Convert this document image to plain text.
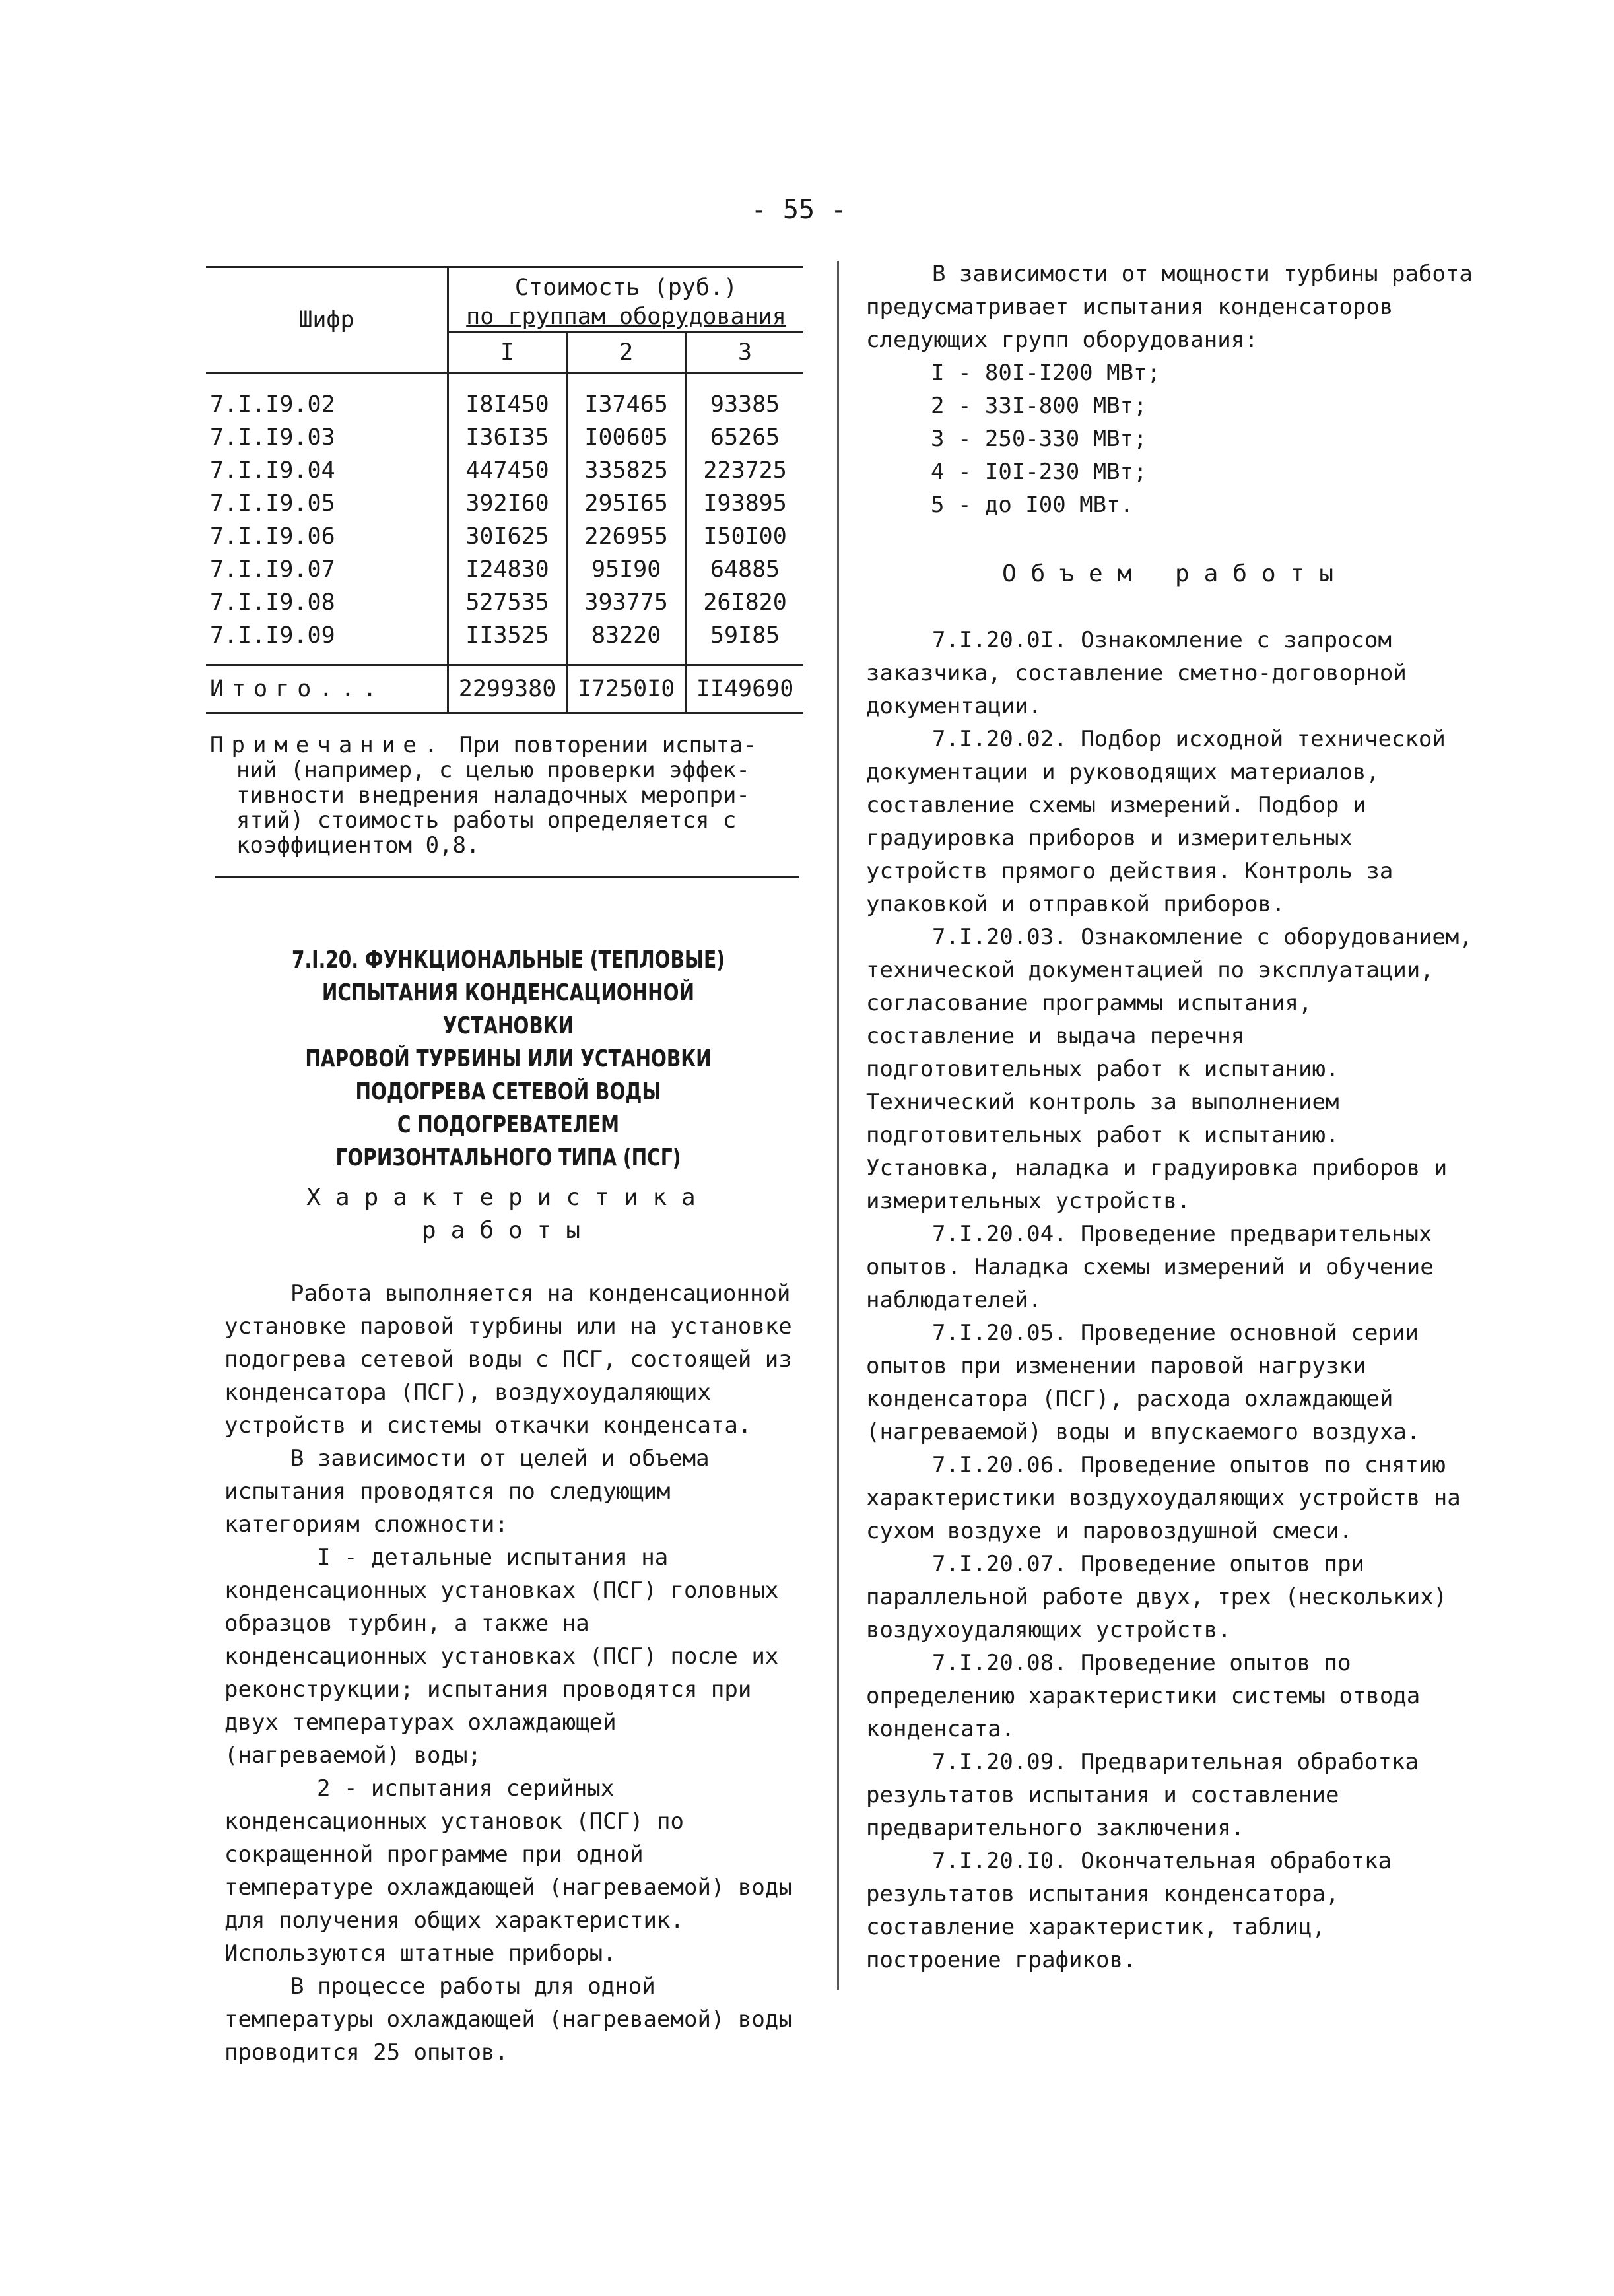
- 55 -
Шифр	Стоимость (руб.)
по группам оборудования		
	I	2	3
7.I.I9.02	I8I450	I37465	93385
7.I.I9.03	I36I35	I00605	65265
7.I.I9.04	447450	335825	223725
7.I.I9.05	392I60	295I65	I93895
7.I.I9.06	30I625	226955	I50I00
7.I.I9.07	I24830	95I90	64885
7.I.I9.08	527535	393775	26I820
7.I.I9.09	II3525	83220	59I85
Итого...	2299380	I7250I0	II49690
Примечание. При повторении испыта-
ний (например, с целью проверки эффек-
тивности внедрения наладочных меропри-
ятий) стоимость работы определяется с
коэффициентом 0,8.
7.I.20. ФУНКЦИОНАЛЬНЫЕ (ТЕПЛОВЫЕ)
ИСПЫТАНИЯ КОНДЕНСАЦИОННОЙ УСТАНОВКИ
ПАРОВОЙ ТУРБИНЫ ИЛИ УСТАНОВКИ
ПОДОГРЕВА СЕТЕВОЙ ВОДЫ
С ПОДОГРЕВАТЕЛЕМ
ГОРИЗОНТАЛЬНОГО ТИПА (ПСГ)
Характеристика
работы

Работа выполняется на конденсационной установке паровой турбины или на установке подогрева сетевой воды с ПСГ, состоящей из конденсатора (ПСГ), воздухоудаляющих устройств и системы откачки конденсата.

В зависимости от целей и объема испытания проводятся по следующим категориям сложности:

I - детальные испытания на конденсационных установках (ПСГ) головных образцов турбин, а также на конденсационных установках (ПСГ) после их реконструкции; испытания проводятся при двух температурах охлаждающей (нагреваемой) воды;

2 - испытания серийных конденсационных установок (ПСГ) по сокращенной программе при одной температуре охлаждающей (нагреваемой) воды для получения общих характеристик. Используются штатные приборы.

В процессе работы для одной температуры охлаждающей (нагреваемой) воды проводится 25 опытов.

В зависимости от мощности турбины работа предусматривает испытания конденсаторов следующих групп оборудования:

I - 80I-I200 МВт;
2 - 33I-800 МВт;
3 - 250-330 МВт;
4 - I0I-230 МВт;
5 - до I00 МВт.
Объем работы

7.I.20.0I. Ознакомление с запросом заказчика, составление сметно-договорной документации.

7.I.20.02. Подбор исходной технической документации и руководящих материалов, составление схемы измерений. Подбор и градуировка приборов и измерительных устройств прямого действия. Контроль за упаковкой и отправкой приборов.

7.I.20.03. Ознакомление с оборудованием, технической документацией по эксплуатации, согласование программы испытания, составление и выдача перечня подготовительных работ к испытанию. Технический контроль за выполнением подготовительных работ к испытанию. Установка, наладка и градуировка приборов и измерительных устройств.

7.I.20.04. Проведение предварительных опытов. Наладка схемы измерений и обучение наблюдателей.

7.I.20.05. Проведение основной серии опытов при изменении паровой нагрузки конденсатора (ПСГ), расхода охлаждающей (нагреваемой) воды и впускаемого воздуха.

7.I.20.06. Проведение опытов по снятию характеристики воздухоудаляющих устройств на сухом воздухе и паровоздушной смеси.

7.I.20.07. Проведение опытов при параллельной работе двух, трех (нескольких) воздухоудаляющих устройств.

7.I.20.08. Проведение опытов по определению характеристики системы отвода конденсата.

7.I.20.09. Предварительная обработка результатов испытания и составление предварительного заключения.

7.I.20.I0. Окончательная обработка результатов испытания конденсатора, составление характеристик, таблиц, построение графиков.
